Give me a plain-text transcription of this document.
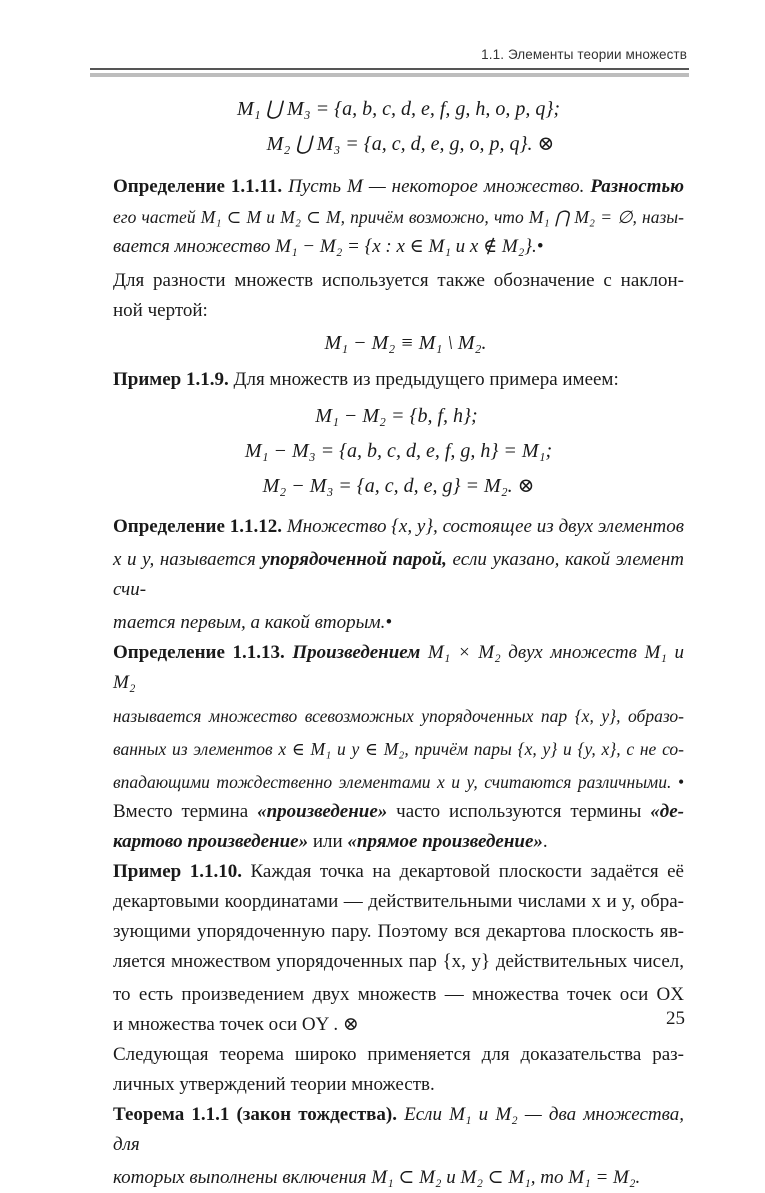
1.1. Элементы теории множеств
M₁ ⋃ M₃ = {a, b, c, d, e, f, g, h, o, p, q};
M₂ ⋃ M₃ = {a, c, d, e, g, o, p, q}. ⊗
Определение 1.1.11. Пусть M — некоторое множество. Разностью
его частей M₁ ⊂ M и M₂ ⊂ M, причём возможно, что M₁ ⋂ M₂ = ∅, назы-
вается множество M₁ − M₂ = {x : x ∈ M₁ и x ∉ M₂}.•
Для разности множеств используется также обозначение с наклон-
ной чертой:
M₁ − M₂ ≡ M₁ \ M₂.
Пример 1.1.9. Для множеств из предыдущего примера имеем:
M₁ − M₂ = {b, f, h};
M₁ − M₃ = {a, b, c, d, e, f, g, h} = M₁;
M₂ − M₃ = {a, c, d, e, g} = M₂. ⊗
Определение 1.1.12. Множество {x, y}, состоящее из двух элементов
x и y, называется упорядоченной парой, если указано, какой элемент счи-
тается первым, а какой вторым.•
Определение 1.1.13. Произведением M₁ × M₂ двух множеств M₁ и M₂
называется множество всевозможных упорядоченных пар {x, y}, образо-
ванных из элементов x ∈ M₁ и y ∈ M₂, причём пары {x, y} и {y, x}, с не со-
впадающими тождественно элементами x и y, считаются различными. •
Вместо термина «произведение» часто используются термины «де-
картово произведение» или «прямое произведение».
Пример 1.1.10. Каждая точка на декартовой плоскости задаётся её
декартовыми координатами — действительными числами x и y, обра-
зующими упорядоченную пару. Поэтому вся декартова плоскость яв-
ляется множеством упорядоченных пар {x, y} действительных чисел,
то есть произведением двух множеств — множества точек оси OX
и множества точек оси OY . ⊗
Следующая теорема широко применяется для доказательства раз-
личных утверждений теории множеств.
Теорема 1.1.1 (закон тождества). Если M₁ и M₂ — два множества, для
которых выполнены включения M₁ ⊂ M₂ и M₂ ⊂ M₁, то M₁ = M₂.
25
